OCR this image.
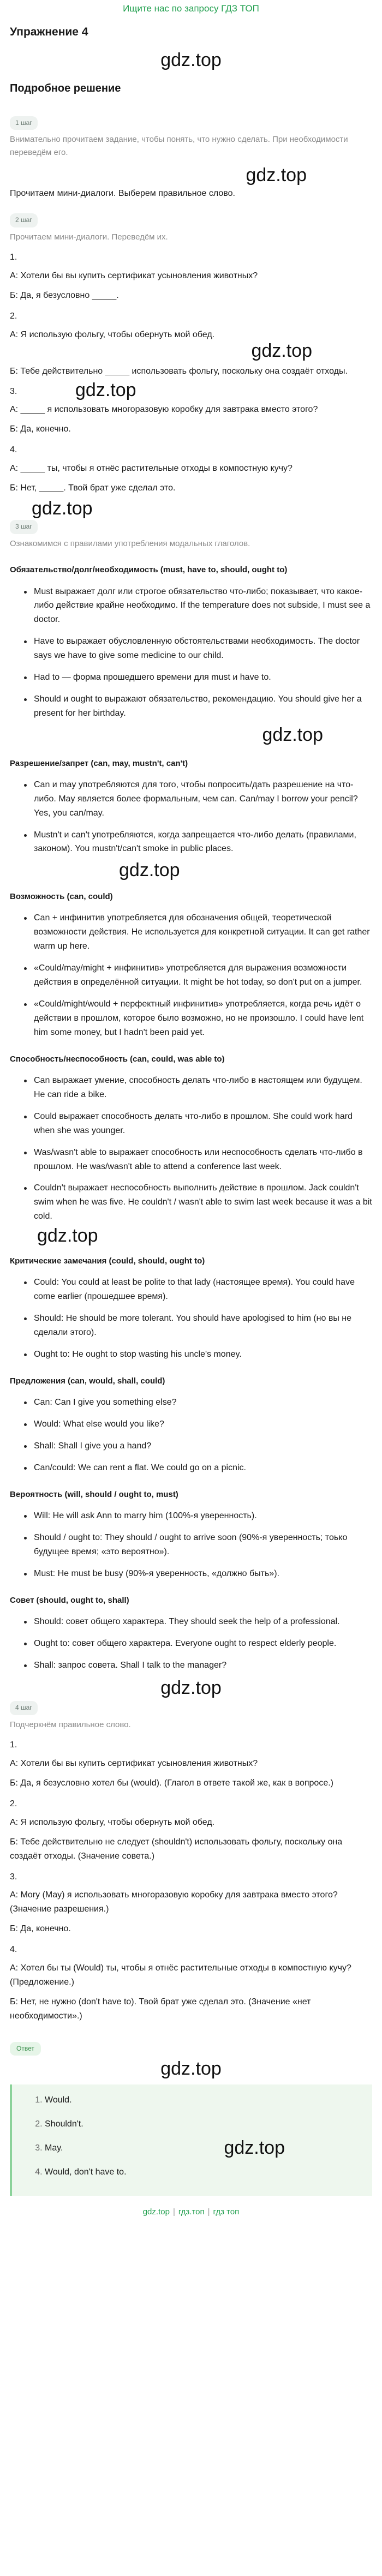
Ищите нас по запросу ГДЗ ТОП
Упражнение 4
gdz.top
Подробное решение
1 шаг

Внимательно прочитаем задание, чтобы понять, что нужно сделать. При необходимости переведём его.

gdz.top

Прочитаем мини-диалоги. Выберем правильное слово.

2 шаг

Прочитаем мини-диалоги. Переведём их.

1.

А: Хотели бы вы купить сертификат усыновления животных?

Б: Да, я безусловно _____.

2.

А: Я использую фольгу, чтобы обернуть мой обед.

gdz.top

Б: Тебе действительно _____ использовать фольгу, поскольку она создаёт отходы.

3.	gdz.top

А: _____ я использовать многоразовую коробку для завтрака вместо этого?

Б: Да, конечно.

4.

А: _____ ты, чтобы я отнёс растительные отходы в компостную кучу?

Б: Нет, _____. Твой брат уже сделал это.

gdz.top
3 шаг

Ознакомимся с правилами употребления модальных глаголов.

Обязательство/долг/необходимость (must, have to, should, ought to)
Must выражает долг или строгое обязательство что-либо; показывает, что какое-либо действие крайне необходимо. If the temperature does not subside, I must see a doctor.
Have to выражает обусловленную обстоятельствами необходимость. The doctor says we have to give some medicine to our child.
Had to — форма прошедшего времени для must и have to.
Should и ought to выражают обязательство, рекомендацию. You should give her a present for her birthday.
gdz.top
Разрешение/запрет (can, may, mustn't, can't)
Can и may употребляются для того, чтобы попросить/дать разрешение на что-либо. May является более формальным, чем can. Can/may I borrow your pencil? Yes, you can/may.
Mustn't и can't употребляются, когда запрещается что-либо делать (правилами, законом). You mustn't/can't smoke in public places.
gdz.top
Возможность (can, could)
Can + инфинитив употребляется для обозначения общей, теоретической возможности действия. Не используется для конкретной ситуации. It can get rather warm up here.
«Could/may/might + инфинитив» употребляется для выражения возможности действия в определённой ситуации. It might be hot today, so don't put on a jumper.
«Could/might/would + перфектный инфинитив» употребляется, когда речь идёт о действии в прошлом, которое было возможно, но не произошло. I could have lent him some money, but I hadn't been paid yet.
Способность/неспособность (can, could, was able to)
Can выражает умение, способность делать что-либо в настоящем или будущем. He can ride a bike.
Could выражает способность делать что-либо в прошлом. She could work hard when she was younger.
Was/wasn't able to выражает способность или неспособность сделать что-либо в прошлом. He was/wasn't able to attend a conference last week.
Couldn't выражает неспособность выполнить действие в прошлом. Jack couldn't swim when he was five. He couldn't / wasn't able to swim last week because it was a bit cold.
gdz.top
Критические замечания (could, should, ought to)
Could: You could at least be polite to that lady (настоящее время). You could have come earlier (прошедшее время).
Should: He should be more tolerant. You should have apologised to him (но вы не сделали этого).
Ought to: He ought to stop wasting his uncle's money.
Предложения (can, would, shall, could)
Can: Can I give you something else?
Would: What else would you like?
Shall: Shall I give you a hand?
Can/could: We can rent a flat. We could go on a picnic.
Вероятность (will, should / ought to, must)
Will: He will ask Ann to marry him (100%-я уверенность).
Should / ought to: They should / ought to arrive soon (90%-я уверенность; тоько будущее время; «это вероятно»).
Must: He must be busy (90%-я уверенность, «должно быть»).
Совет (should, ought to, shall)
Should: совет общего характера. They should seek the help of a professional.
Ought to: совет общего характера. Everyone ought to respect elderly people.
Shall: запрос совета. Shall I talk to the manager?
gdz.top
4 шаг

Подчеркнём правильное слово.

1.

А: Хотели бы вы купить сертификат усыновления животных?

Б: Да, я безусловно хотел бы (would). (Глагол в ответе такой же, как в вопросе.)

2.

А: Я использую фольгу, чтобы обернуть мой обед.

Б: Тебе действительно не следует (shouldn't) использовать фольгу, поскольку она создаёт отходы. (Значение совета.)

3.

А: Mory (May) я использовать многоразовую коробку для завтрака вместо этого? (Значение разрешения.)

Б: Да, конечно.

4.

А: Хотел бы ты (Would) ты, чтобы я отнёс растительные отходы в компостную кучу? (Предложение.)

Б: Нет, не нужно (don't have to). Твой брат уже сделал это. (Значение «нет необходимости».)

Ответ
gdz.top
1. Would.
2. Shouldn't.
3. May.
4. Would, don't have to.
gdz.top
gdz.top | гдз.топ | гдз топ
